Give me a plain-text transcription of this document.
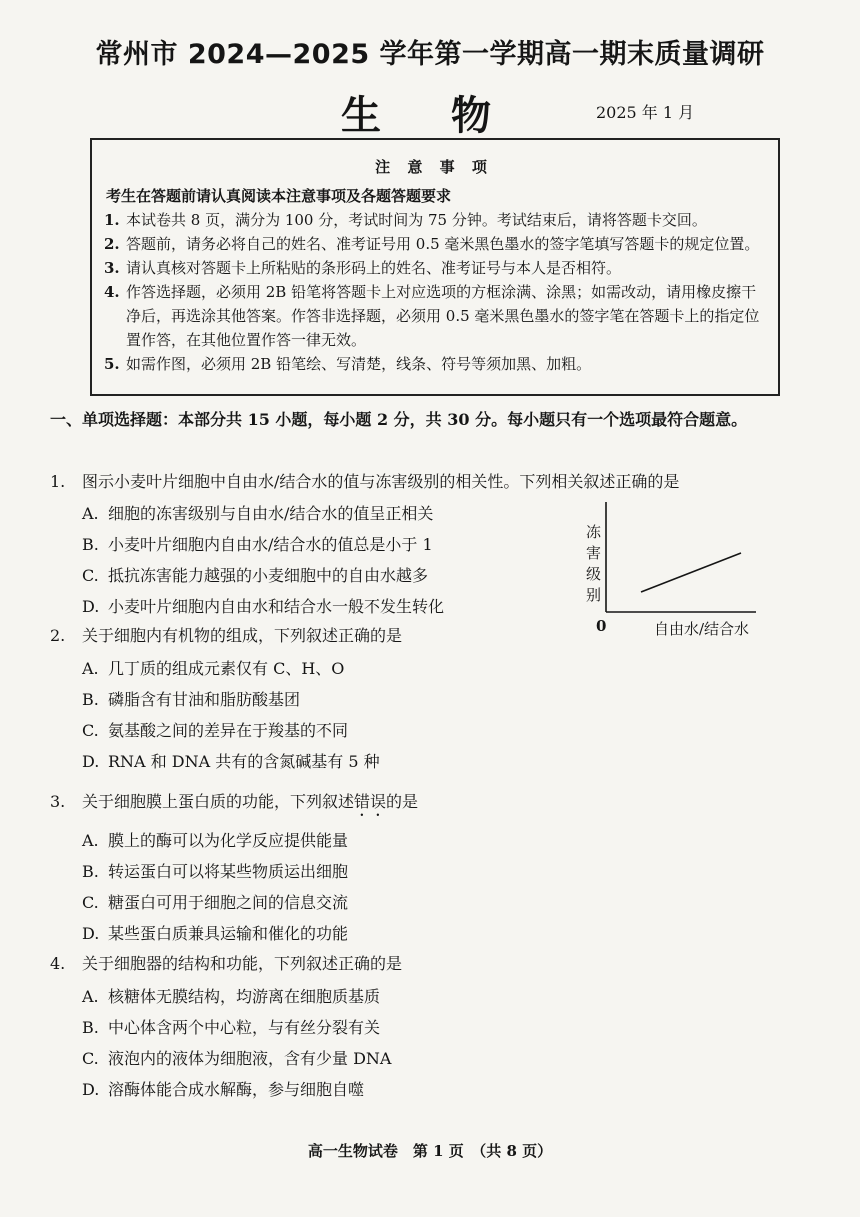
常州市 2024—2025 学年第一学期高一期末质量调研
生 物	2025 年 1 月
注 意 事 项
考生在答题前请认真阅读本注意事项及各题答题要求
1. 本试卷共 8 页，满分为 100 分，考试时间为 75 分钟。考试结束后，请将答题卡交回。
2. 答题前，请务必将自己的姓名、准考证号用 0.5 毫米黑色墨水的签字笔填写答题卡的规定位置。
3. 请认真核对答题卡上所粘贴的条形码上的姓名、准考证号与本人是否相符。
4. 作答选择题，必须用 2B 铅笔将答题卡上对应选项的方框涂满、涂黑；如需改动，请用橡皮擦干净后，再选涂其他答案。作答非选择题，必须用 0.5 毫米黑色墨水的签字笔在答题卡上的指定位置作答，在其他位置作答一律无效。
5. 如需作图，必须用 2B 铅笔绘、写清楚，线条、符号等须加黑、加粗。
一、单项选择题：本部分共 15 小题，每小题 2 分，共 30 分。每小题只有一个选项最符合题意。
1.	图示小麦叶片细胞中自由水/结合水的值与冻害级别的相关性。下列相关叙述正确的是
A. 细胞的冻害级别与自由水/结合水的值呈正相关
B. 小麦叶片细胞内自由水/结合水的值总是小于 1
C. 抵抗冻害能力越强的小麦细胞中的自由水越多
D. 小麦叶片细胞内自由水和结合水一般不发生转化
冻
害
级
别
0	自由水/结合水
2.	关于细胞内有机物的组成，下列叙述正确的是
A. 几丁质的组成元素仅有 C、H、O
B. 磷脂含有甘油和脂肪酸基团
C. 氨基酸之间的差异在于羧基的不同
D. RNA 和 DNA 共有的含氮碱基有 5 种
3.	关于细胞膜上蛋白质的功能，下列叙述错误的是
A. 膜上的酶可以为化学反应提供能量
B. 转运蛋白可以将某些物质运出细胞
C. 糖蛋白可用于细胞之间的信息交流
D. 某些蛋白质兼具运输和催化的功能
4.	关于细胞器的结构和功能，下列叙述正确的是
A. 核糖体无膜结构，均游离在细胞质基质
B. 中心体含两个中心粒，与有丝分裂有关
C. 液泡内的液体为细胞液，含有少量 DNA
D. 溶酶体能合成水解酶，参与细胞自噬
高一生物试卷　第 1 页　（共 8 页）
